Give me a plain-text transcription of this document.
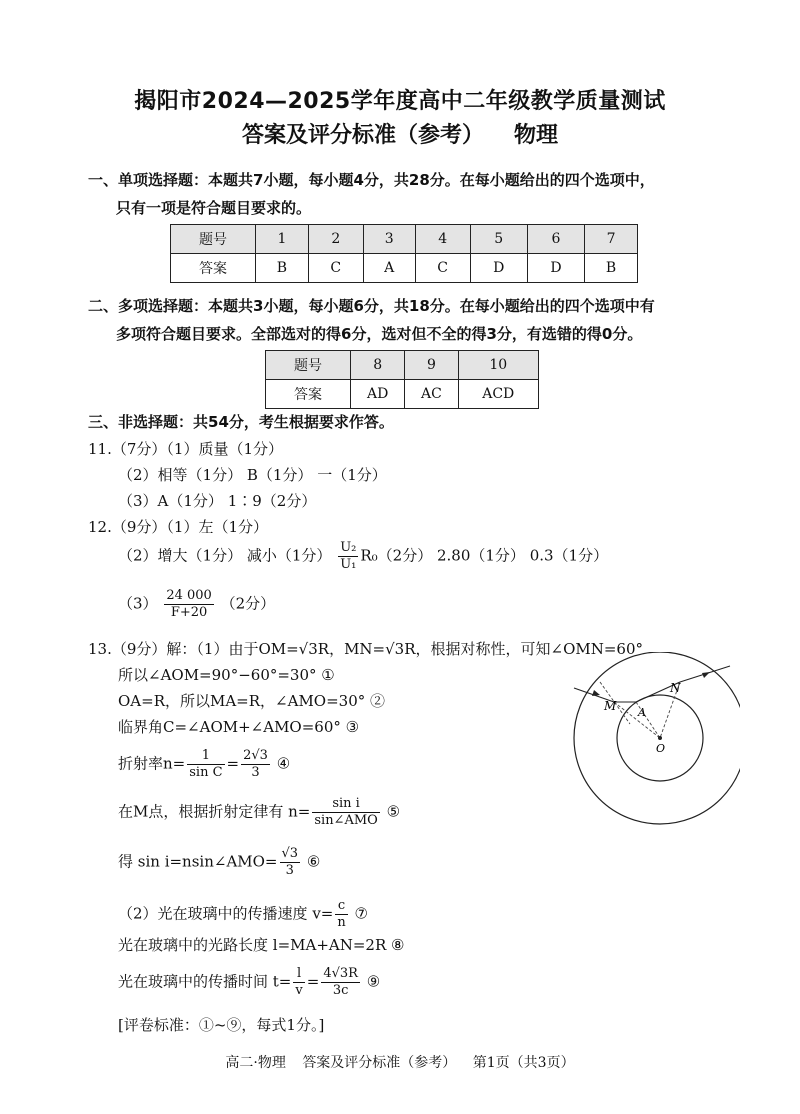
揭阳市2024—2025学年度高中二年级教学质量测试
答案及评分标准（参考） 物理
一、单项选择题：本题共7小题，每小题4分，共28分。在每小题给出的四个选项中，
只有一项是符合题目要求的。
题号	1	2	3	4	5	6	7
答案	B	C	A	C	D	D	B
二、多项选择题：本题共3小题，每小题6分，共18分。在每小题给出的四个选项中有
多项符合题目要求。全部选对的得6分，选对但不全的得3分，有选错的得0分。
题号	8	9	10
答案	AD	AC	ACD
三、非选择题：共54分，考生根据要求作答。
11.（7分）（1）质量（1分）
（2）相等（1分） B（1分） 一（1分）
（3）A（1分） 1∶9（2分）
12.（9分）（1）左（1分）
（2）增大（1分） 减小（1分） $\frac{\text{U₂}}{\text{U₁}} R_0(2$分） 2.80（1分） 0.3（1分）
$(3) \frac{24 000}{F+20} (2$分）
13.（9分）解：（1）由于OM=√3R，MN=√3R，根据对称性，可知∠OMN=60°
所以∠AOM=90°−60°=30° ①
OA=R，所以MA=R，∠AMO=30° ②
临界角C=∠AOM+∠AMO=60° ③
折射率$n= \frac{1}{\text{sin C}} = \frac{2√3}{3}$ ④
在M点，根据折射定律有 $n= \frac{\text{sin i}}{\text{sin∠AMO}}$ ⑤
得 sin i=nsin∠AMO= $\frac{√3}{3}$ ⑥
（2）光在玻璃中的传播速度 $v= \frac{c}{n}$ ⑦
光在玻璃中的光路长度 l=MA+AN=2R ⑧
光在玻璃中的传播时间 $t= \frac{l}{v} = \frac{4√3R}{3c}$ ⑨
[评卷标准：①~⑨，每式1分。]
M
N
A
O
高二·物理 答案及评分标准（参考） 第1页（共3页）
